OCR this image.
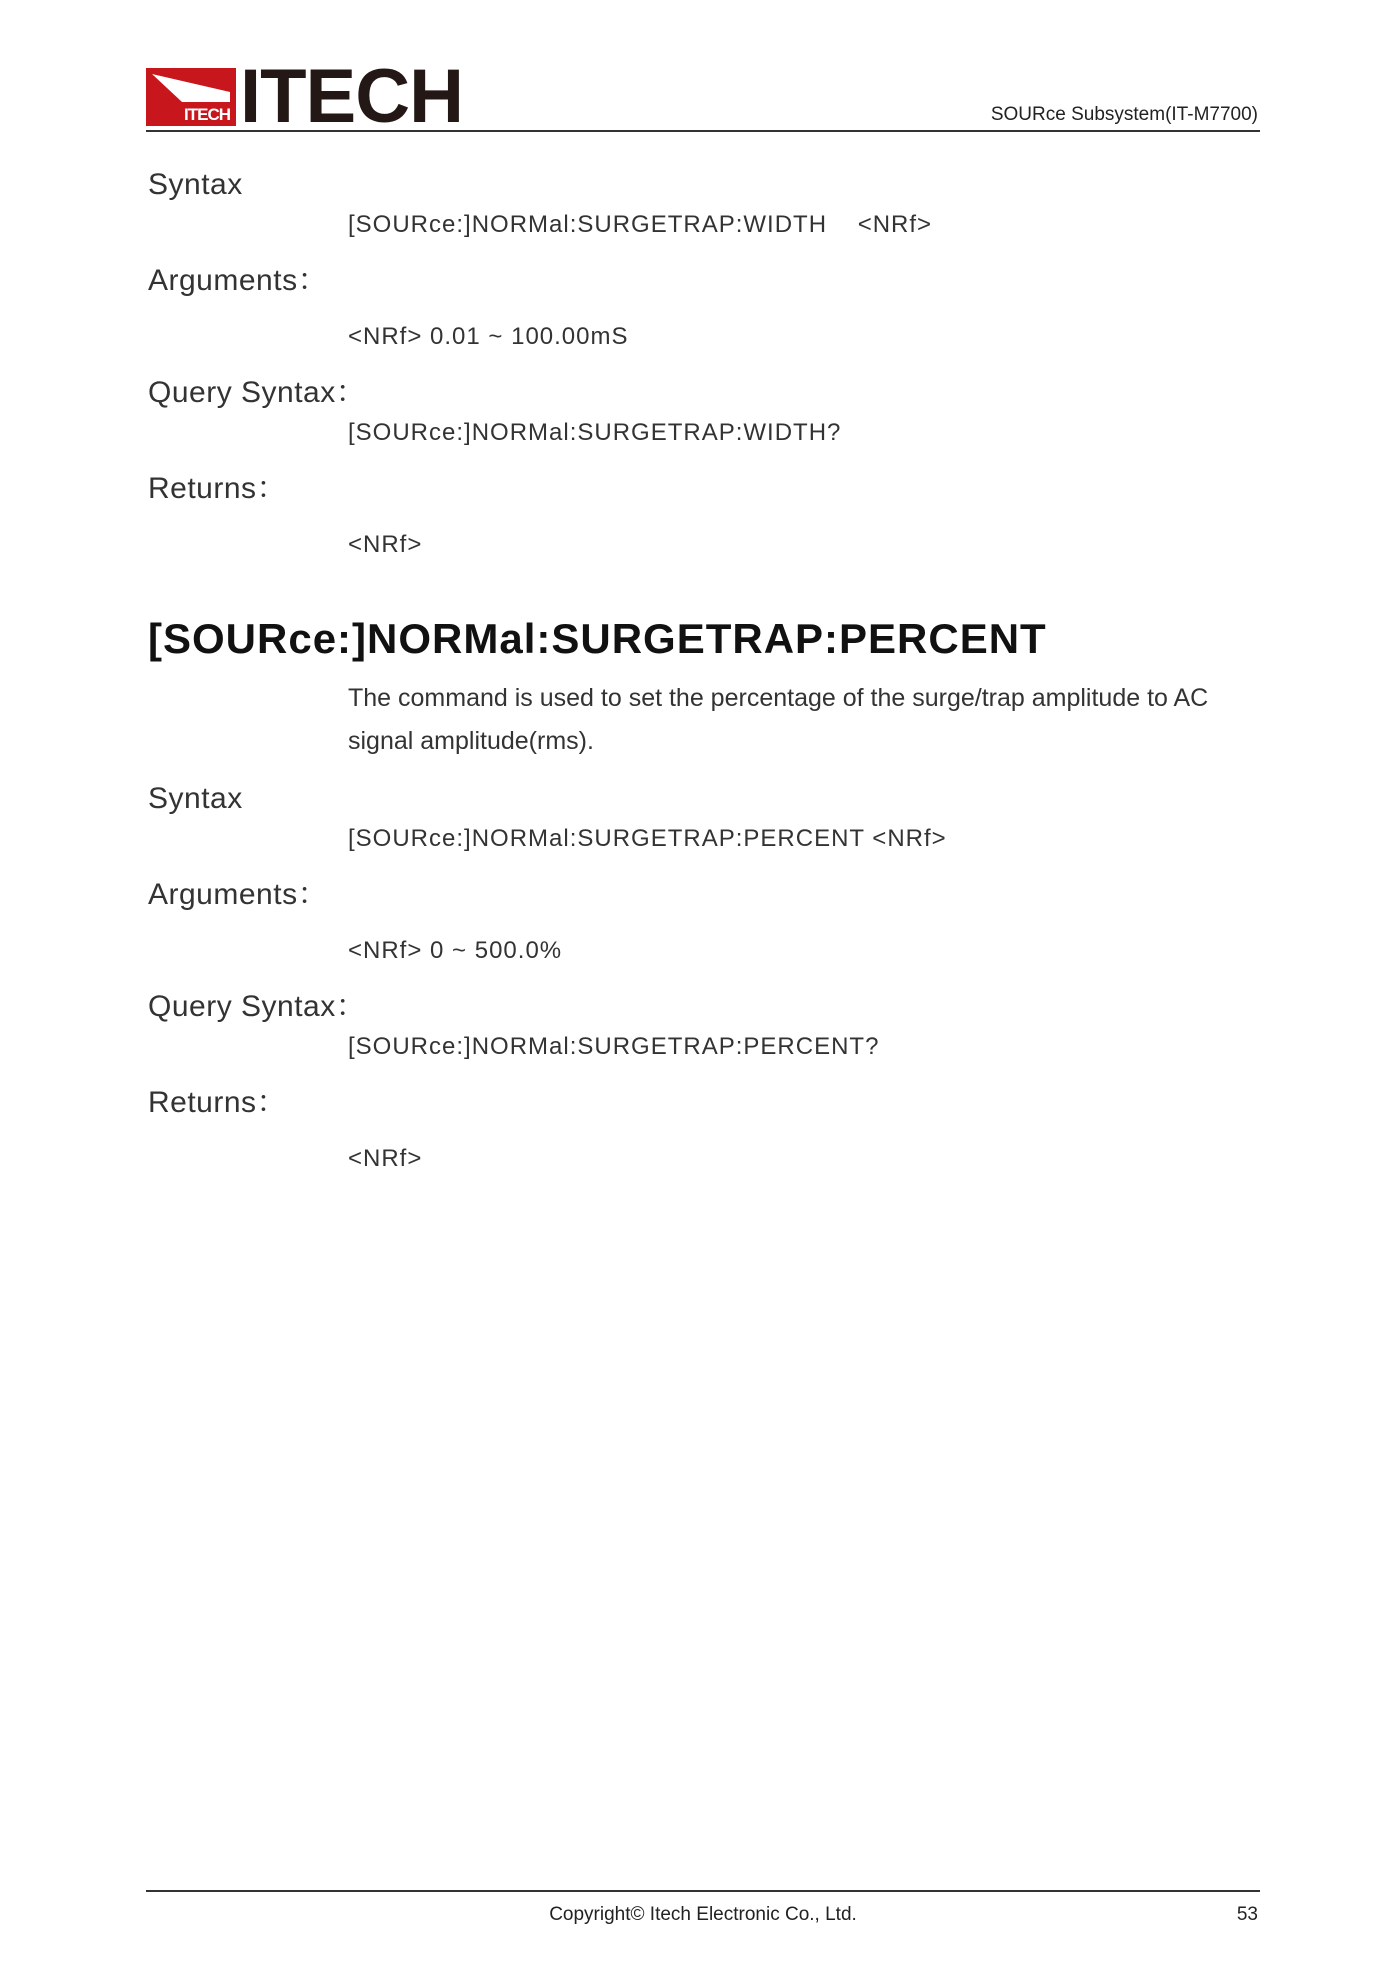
ITECH ITECH	SOURce Subsystem(IT-M7700)

Syntax

[SOURce:]NORMal:SURGETRAP:WIDTH    <NRf>

Arguments：

<NRf> 0.01 ~ 100.00mS

Query Syntax：

[SOURce:]NORMal:SURGETRAP:WIDTH?

Returns：

<NRf>

[SOURce:]NORMal:SURGETRAP:PERCENT

The command is used to set the percentage of the surge/trap amplitude to AC signal amplitude(rms).

Syntax

[SOURce:]NORMal:SURGETRAP:PERCENT <NRf>

Arguments：

<NRf> 0 ~ 500.0%

Query Syntax：

[SOURce:]NORMal:SURGETRAP:PERCENT?

Returns：

<NRf>

Copyright© Itech Electronic Co., Ltd.	53
